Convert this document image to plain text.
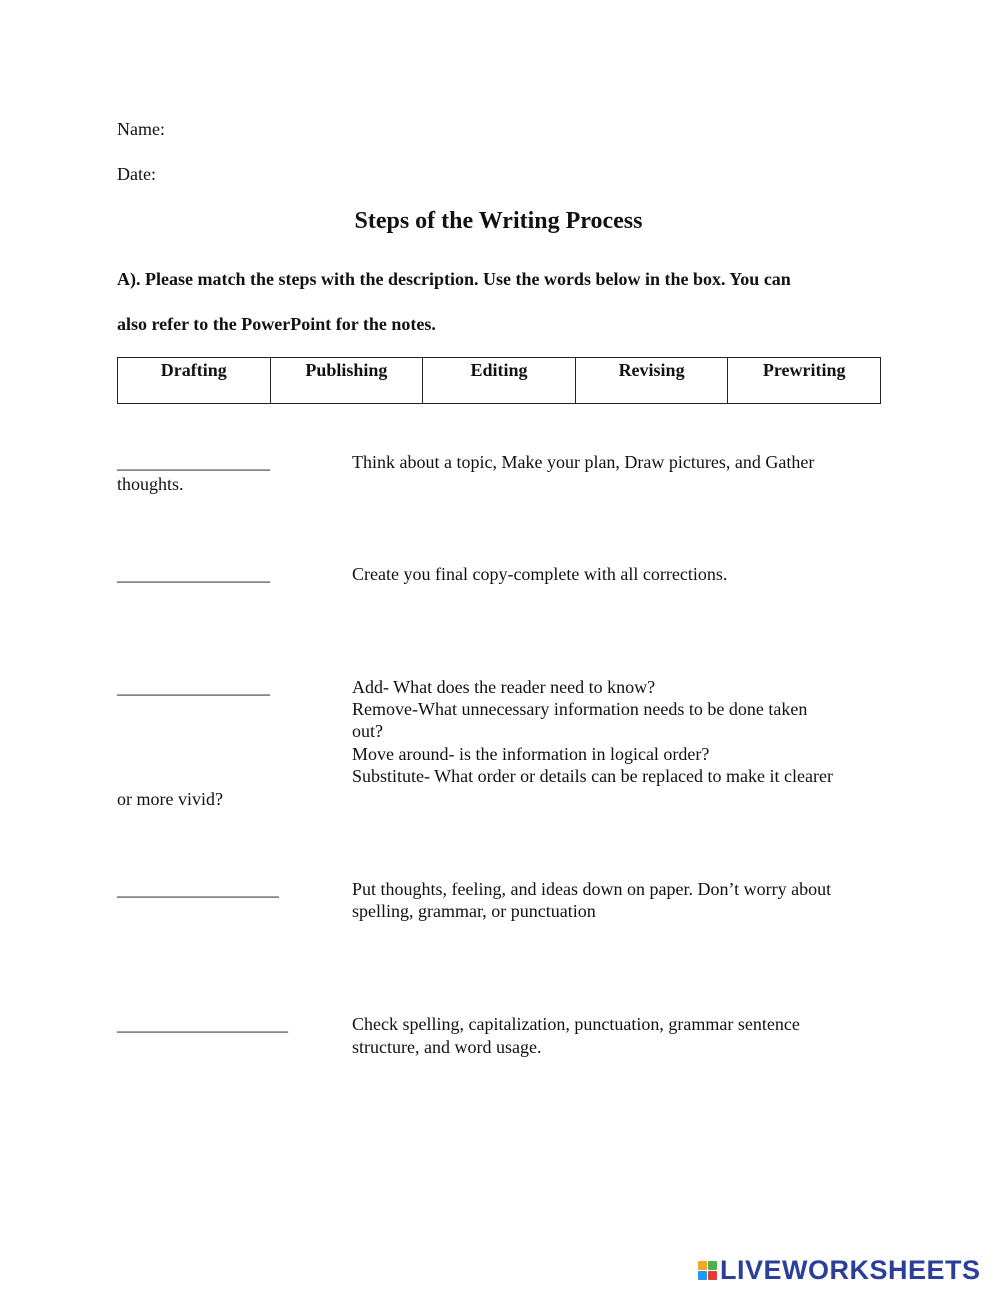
Name:
Date:
Steps of the Writing Process
A). Please match the steps with the description. Use the words below in the box. You can
also refer to the PowerPoint for the notes.
Drafting	Publishing	Editing	Revising	Prewriting
_________________	Think about a topic, Make your plan, Draw pictures, and Gather
thoughts.
_________________	Create you final copy-complete with all corrections.
_________________	Add- What does the reader need to know?
Remove-What unnecessary information needs to be done taken
out?
Move around- is the information in logical order?
Substitute- What order or details can be replaced to make it clearer
or more vivid?
__________________	Put thoughts, feeling, and ideas down on paper. Don’t worry about
spelling, grammar, or punctuation
___________________	Check spelling, capitalization, punctuation, grammar sentence
structure, and word usage.
LIVEWORKSHEETS
